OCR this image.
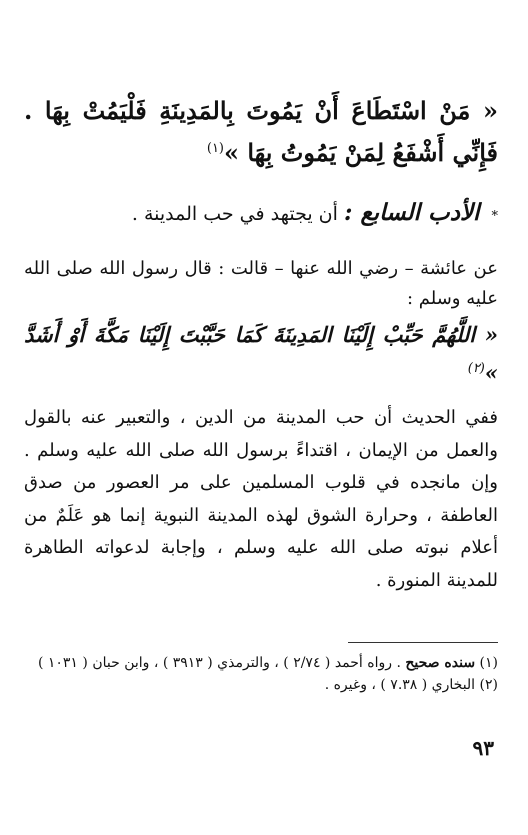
« مَنْ اسْتَطَاعَ أَنْ يَمُوتَ بِالمَدِينَةِ فَلْيَمُتْ بِهَا . فَإِنِّي أَشْفَعُ لِمَنْ يَمُوتُ بِهَا »$^{(١)}$
* الأدب السابع : أن يجتهد في حب المدينة .
عن عائشة – رضي الله عنها – قالت : قال رسول الله صلى الله عليه وسلم :
« اللَّهُمَّ حَبِّبْ إِلَيْنَا المَدِينَةَ كَمَا حَبَّبْتَ إِلَيْنَا مَكَّةَ أَوْ أَشَدَّ »$^{(٢)}$
ففي الحديث أن حب المدينة من الدين ، والتعبير عنه بالقول والعمل من الإيمان ، اقتداءً برسول الله صلى الله عليه وسلم . وإن مانجده في قلوب المسلمين على مر العصور من صدق العاطفة ، وحرارة الشوق لهذه المدينة النبوية إنما هو عَلَمٌ من أعلام نبوته صلى الله عليه وسلم ، وإجابة لدعواته الطاهرة للمدينة المنورة .

(١) سنده صحيح . رواه أحمد ( ٢/٧٤ ) ، والترمذي ( ٣٩١٣ ) ، وابن حبان ( ١٠٣١ )

(٢) البخاري ( ٧.٣٨ ) ، وغيره .

٩٣
